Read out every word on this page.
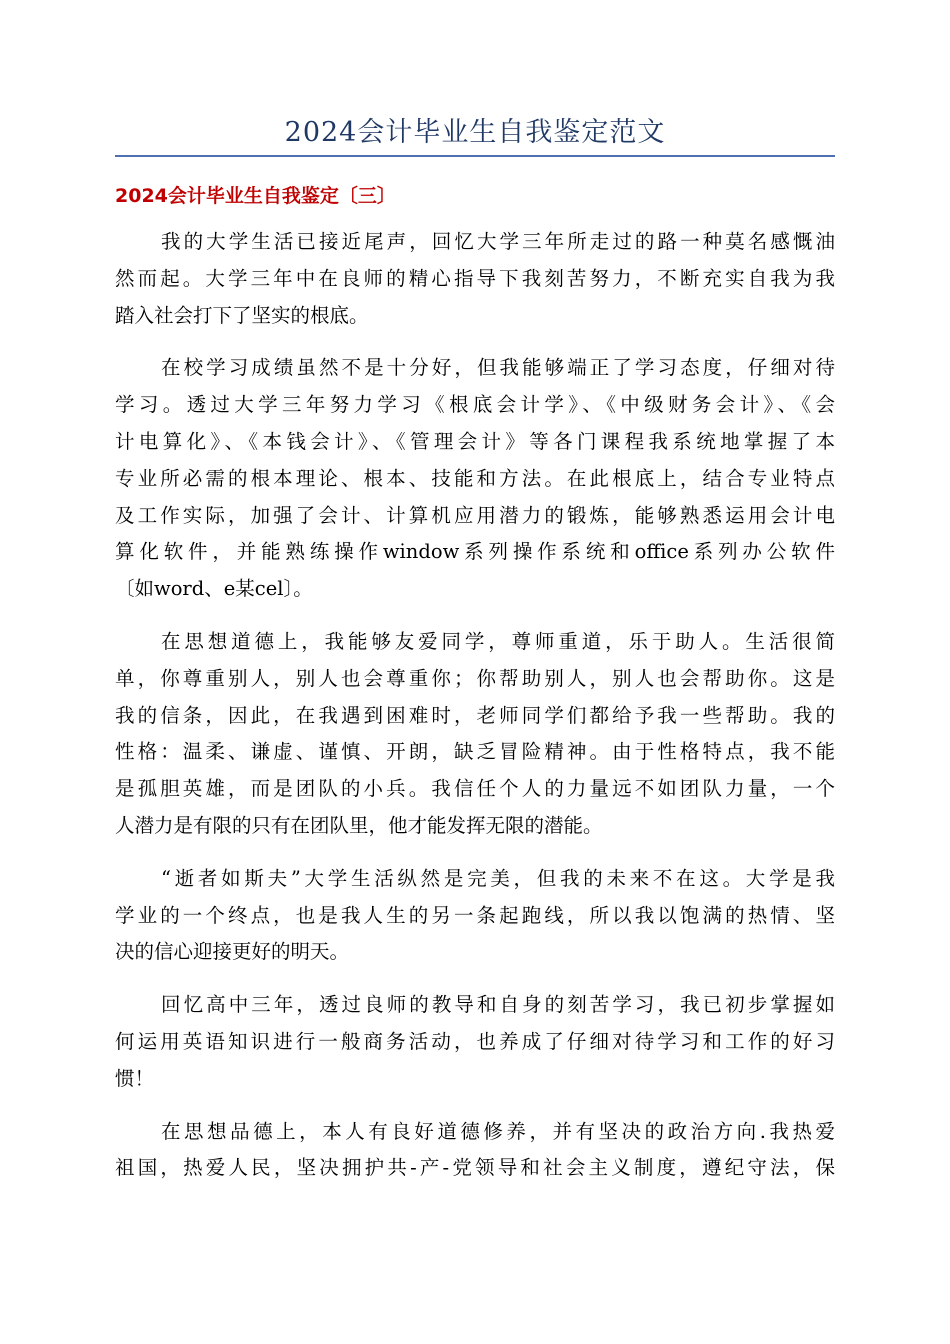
2024会计毕业生自我鉴定范文
2024会计毕业生自我鉴定〔三〕
我的大学生活已接近尾声，回忆大学三年所走过的路一种莫名感慨油
然而起。大学三年中在良师的精心指导下我刻苦努力，不断充实自我为我
踏入社会打下了坚实的根底。
在校学习成绩虽然不是十分好，但我能够端正了学习态度，仔细对待
学习。透过大学三年努力学习《根底会计学》、《中级财务会计》、《会
计电算化》、《本钱会计》、《管理会计》等各门课程我系统地掌握了本
专业所必需的根本理论、根本、技能和方法。在此根底上，结合专业特点
及工作实际，加强了会计、计算机应用潜力的锻炼，能够熟悉运用会计电
算化软件，并能熟练操作window系列操作系统和office系列办公软件
〔如word、e某cel〕。
在思想道德上，我能够友爱同学，尊师重道，乐于助人。生活很简
单，你尊重别人，别人也会尊重你；你帮助别人，别人也会帮助你。这是
我的信条，因此，在我遇到困难时，老师同学们都给予我一些帮助。我的
性格：温柔、谦虚、谨慎、开朗，缺乏冒险精神。由于性格特点，我不能
是孤胆英雄，而是团队的小兵。我信任个人的力量远不如团队力量，一个
人潜力是有限的只有在团队里，他才能发挥无限的潜能。
“逝者如斯夫”大学生活纵然是完美，但我的未来不在这。大学是我
学业的一个终点，也是我人生的另一条起跑线，所以我以饱满的热情、坚
决的信心迎接更好的明天。
回忆高中三年，透过良师的教导和自身的刻苦学习，我已初步掌握如
何运用英语知识进行一般商务活动，也养成了仔细对待学习和工作的好习
惯！
在思想品德上，本人有良好道德修养，并有坚决的政治方向.我热爱
祖国，热爱人民，坚决拥护共-产-党领导和社会主义制度，遵纪守法，保
